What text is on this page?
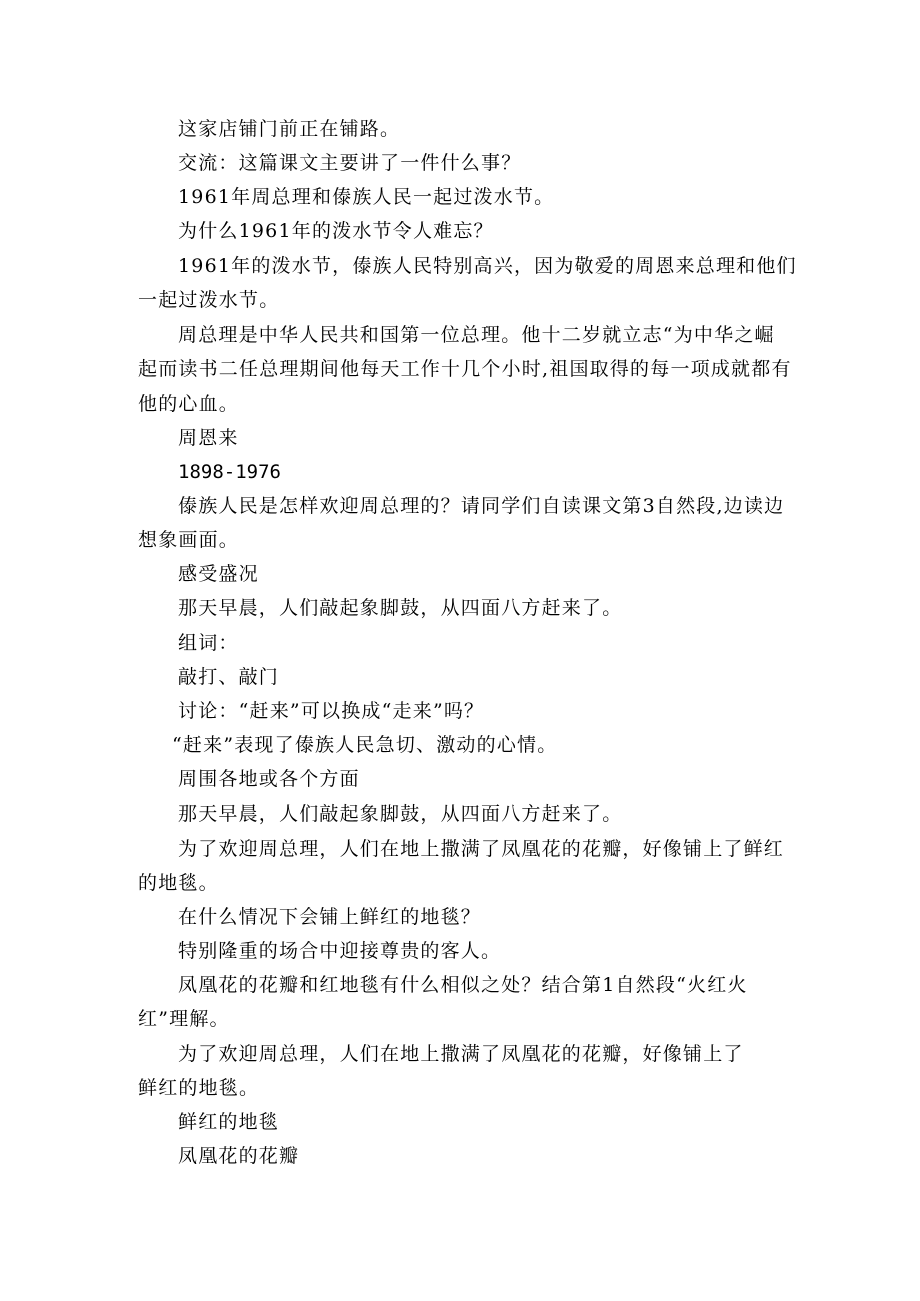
这家店铺门前正在铺路。
交流：这篇课文主要讲了一件什么事？
1961年周总理和傣族人民一起过泼水节。
为什么1961年的泼水节令人难忘？
1961年的泼水节，傣族人民特别高兴，因为敬爱的周恩来总理和他们
一起过泼水节。
周总理是中华人民共和国第一位总理。他十二岁就立志“为中华之崛
起而读书二任总理期间他每天工作十几个小时,祖国取得的每一项成就都有
他的心血。
周恩来
1898-1976
傣族人民是怎样欢迎周总理的？请同学们自读课文第3自然段,边读边
想象画面。
感受盛况
那天早晨，人们敲起象脚鼓，从四面八方赶来了。
组词：
敲打、敲门
讨论：“赶来”可以换成“走来”吗？
“赶来”表现了傣族人民急切、激动的心情。
周围各地或各个方面
那天早晨，人们敲起象脚鼓，从四面八方赶来了。
为了欢迎周总理，人们在地上撒满了凤凰花的花瓣，好像铺上了鲜红
的地毯。
在什么情况下会铺上鲜红的地毯？
特别隆重的场合中迎接尊贵的客人。
凤凰花的花瓣和红地毯有什么相似之处？结合第1自然段“火红火
红”理解。
为了欢迎周总理，人们在地上撒满了凤凰花的花瓣，好像铺上了
鲜红的地毯。
鲜红的地毯
凤凰花的花瓣
